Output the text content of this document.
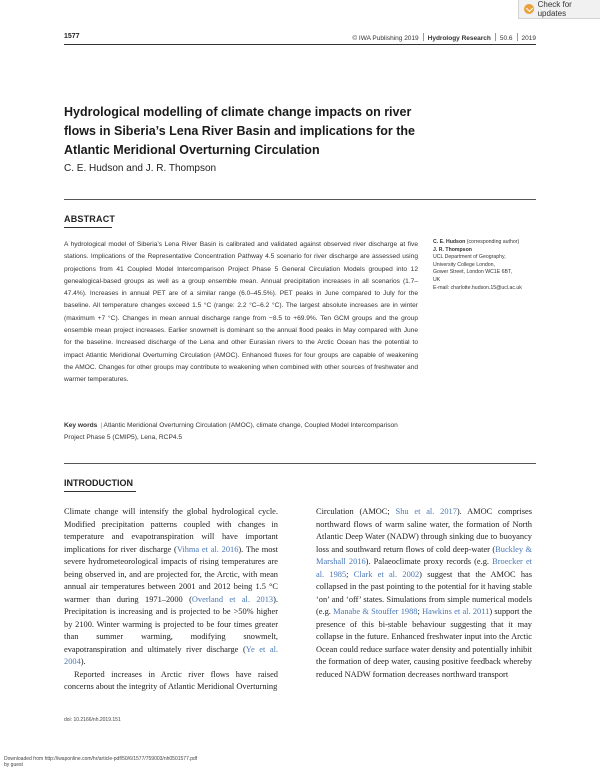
Check for updates
1577	© IWA Publishing 2019 Hydrology Research 50.6 2019
Hydrological modelling of climate change impacts on river flows in Siberia’s Lena River Basin and implications for the Atlantic Meridional Overturning Circulation
C. E. Hudson and J. R. Thompson
ABSTRACT

A hydrological model of Siberia’s Lena River Basin is calibrated and validated against observed river discharge at five stations. Implications of the Representative Concentration Pathway 4.5 scenario for river discharge are assessed using projections from 41 Coupled Model Intercomparison Project Phase 5 General Circulation Models grouped into 12 genealogical-based groups as well as a group ensemble mean. Annual precipitation increases in all scenarios (1.7–47.4%). Increases in annual PET are of a similar range (6.0–45.5%). PET peaks in June compared to July for the baseline. All temperature changes exceed 1.5 °C (range: 2.2 °C–6.2 °C). The largest absolute increases are in winter (maximum +7 °C). Changes in mean annual discharge range from −8.5 to +69.9%. Ten GCM groups and the group ensemble mean project increases. Earlier snowmelt is dominant so the annual flood peaks in May compared with June for the baseline. Increased discharge of the Lena and other Eurasian rivers to the Arctic Ocean has the potential to impact Atlantic Meridional Overturning Circulation (AMOC). Enhanced fluxes for four groups are capable of weakening the AMOC. Changes for other groups may contribute to weakening when combined with other sources of freshwater and warmer temperatures.

Key words | Atlantic Meridional Overturning Circulation (AMOC), climate change, Coupled Model Intercomparison Project Phase 5 (CMIP5), Lena, RCP4.5
C. E. Hudson (corresponding author)
J. R. Thompson
UCL Department of Geography,
University College London,
Gower Street, London WC1E 6BT,
UK
E-mail: charlotte.hudson.15@ucl.ac.uk
INTRODUCTION

Climate change will intensify the global hydrological cycle. Modified precipitation patterns coupled with changes in temperature and evapotranspiration will have important implications for river discharge (Vihma et al. 2016). The most severe hydrometeorological impacts of rising temperatures are being observed in, and are projected for, the Arctic, with mean annual air temperatures between 2001 and 2012 being 1.5 °C warmer than during 1971–2000 (Overland et al. 2013). Precipitation is increasing and is projected to be >50% higher by 2100. Winter warming is projected to be four times greater than summer warming, modifying snowmelt, evapotranspiration and ultimately river discharge (Ye et al. 2004).

Reported increases in Arctic river flows have raised concerns about the integrity of Atlantic Meridional Overturning

Circulation (AMOC; Shu et al. 2017). AMOC comprises northward flows of warm saline water, the formation of North Atlantic Deep Water (NADW) through sinking due to buoyancy loss and southward return flows of cold deep-water (Buckley & Marshall 2016). Palaeoclimate proxy records (e.g. Broecker et al. 1985; Clark et al. 2002) suggest that the AMOC has collapsed in the past pointing to the potential for it having stable ‘on’ and ‘off’ states. Simulations from simple numerical models (e.g. Manabe & Stouffer 1988; Hawkins et al. 2011) support the presence of this bi-stable behaviour suggesting that it may collapse in the future. Enhanced freshwater input into the Arctic Ocean could reduce surface water density and potentially inhibit the formation of deep water, causing positive feedback whereby reduced NADW formation decreases northward transport

doi: 10.2166/nh.2019.151
Downloaded from http://iwaponline.com/hr/article-pdf/50/6/1577/759003/nh0501577.pdf
by guest
